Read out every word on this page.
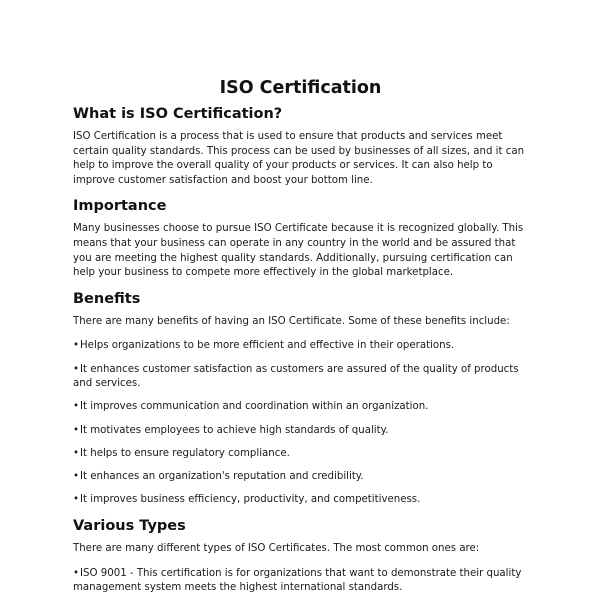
ISO Certification
What is ISO Certification?

ISO Certification is a process that is used to ensure that products and services meet certain quality standards. This process can be used by businesses of all sizes, and it can help to improve the overall quality of your products or services. It can also help to improve customer satisfaction and boost your bottom line.

Importance

Many businesses choose to pursue ISO Certificate because it is recognized globally. This means that your business can operate in any country in the world and be assured that you are meeting the highest quality standards. Additionally, pursuing certification can help your business to compete more effectively in the global marketplace.

Benefits

There are many benefits of having an ISO Certificate. Some of these benefits include:

•Helps organizations to be more efficient and effective in their operations.
•It enhances customer satisfaction as customers are assured of the quality of products and services.
•It improves communication and coordination within an organization.
•It motivates employees to achieve high standards of quality.
•It helps to ensure regulatory compliance.
•It enhances an organization's reputation and credibility.
•It improves business efficiency, productivity, and competitiveness.
Various Types

There are many different types of ISO Certificates. The most common ones are:

•ISO 9001 - This certification is for organizations that want to demonstrate their quality management system meets the highest international standards.
